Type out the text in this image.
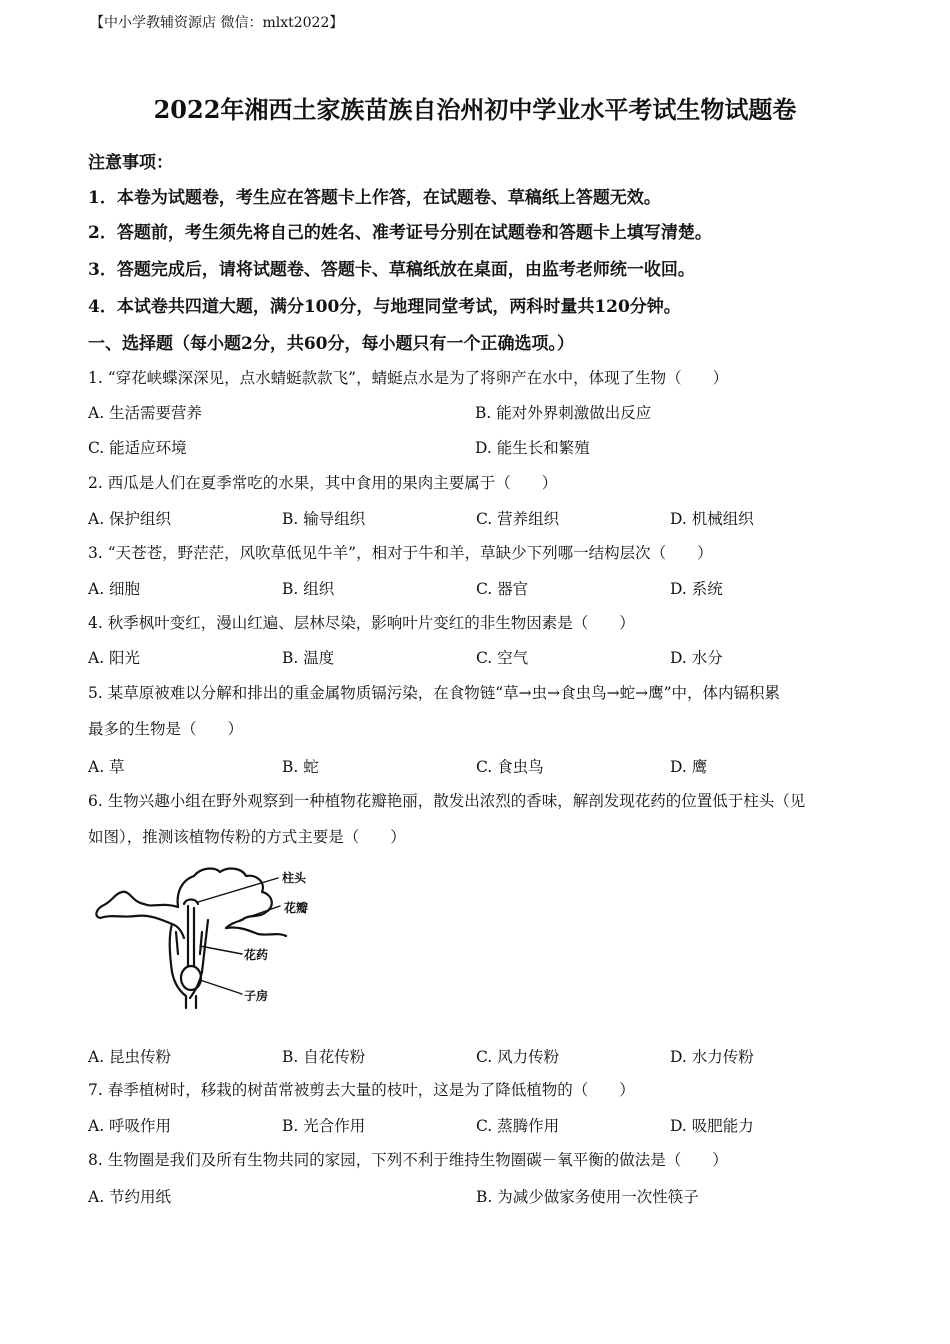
【中小学教辅资源店 微信：mlxt2022】
2022年湘西土家族苗族自治州初中学业水平考试生物试题卷
注意事项：
1．本卷为试题卷，考生应在答题卡上作答，在试题卷、草稿纸上答题无效。
2．答题前，考生须先将自己的姓名、准考证号分别在试题卷和答题卡上填写清楚。
3．答题完成后，请将试题卷、答题卡、草稿纸放在桌面，由监考老师统一收回。
4．本试卷共四道大题，满分100分，与地理同堂考试，两科时量共120分钟。
一、选择题（每小题2分，共60分，每小题只有一个正确选项。）
1. “穿花峡蝶深深见，点水蜻蜓款款飞”，蜻蜓点水是为了将卵产在水中，体现了生物（　　）
A. 生活需要营养	B. 能对外界刺激做出反应
C. 能适应环境	D. 能生长和繁殖
2. 西瓜是人们在夏季常吃的水果，其中食用的果肉主要属于（　　）
A. 保护组织	B. 输导组织	C. 营养组织	D. 机械组织
3. “天苍苍，野茫茫，风吹草低见牛羊”，相对于牛和羊，草缺少下列哪一结构层次（　　）
A. 细胞	B. 组织	C. 器官	D. 系统
4. 秋季枫叶变红，漫山红遍、层林尽染，影响叶片变红的非生物因素是（　　）
A. 阳光	B. 温度	C. 空气	D. 水分
5. 某草原被难以分解和排出的重金属物质镉污染，在食物链“草→虫→食虫鸟→蛇→鹰”中，体内镉积累
最多的生物是（　　）
A. 草	B. 蛇	C. 食虫鸟	D. 鹰
6. 生物兴趣小组在野外观察到一种植物花瓣艳丽，散发出浓烈的香味，解剖发现花药的位置低于柱头（见
如图），推测该植物传粉的方式主要是（　　）
柱头
花瓣
花药
子房
A. 昆虫传粉	B. 自花传粉	C. 风力传粉	D. 水力传粉
7. 春季植树时，移栽的树苗常被剪去大量的枝叶，这是为了降低植物的（　　）
A. 呼吸作用	B. 光合作用	C. 蒸腾作用	D. 吸肥能力
8. 生物圈是我们及所有生物共同的家园，下列不利于维持生物圈碳－氧平衡的做法是（　　）
A. 节约用纸	B. 为减少做家务使用一次性筷子
